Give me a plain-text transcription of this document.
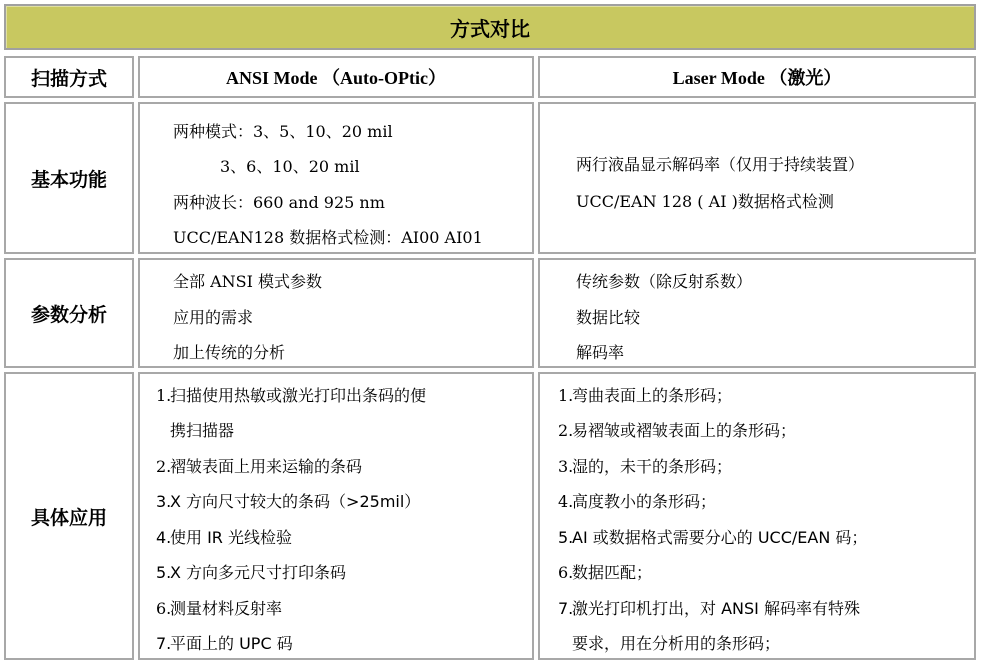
方式对比
扫描方式	ANSI Mode （Auto-OPtic）	Laser Mode （激光）
基本功能
两种模式：3、5、10、20 mil
3、6、10、20 mil
两种波长：660 and 925 nm
UCC/EAN128 数据格式检测：AI00 AI01
两行液晶显示解码率（仅用于持续装置）
UCC/EAN 128 ( AI )数据格式检测
参数分析
全部 ANSI 模式参数
应用的需求
加上传统的分析
传统参数（除反射系数）
数据比较
解码率
具体应用
1.扫描使用热敏或激光打印出条码的便
携扫描器
2.褶皱表面上用来运输的条码
3.X 方向尺寸较大的条码（>25mil）
4.使用 IR 光线检验
5.X 方向多元尺寸打印条码
6.测量材料反射率
7.平面上的 UPC 码
1.弯曲表面上的条形码；
2.易褶皱或褶皱表面上的条形码；
3.湿的，未干的条形码；
4.高度教小的条形码；
5.AI 或数据格式需要分心的 UCC/EAN 码；
6.数据匹配；
7.激光打印机打出，对 ANSI 解码率有特殊
要求，用在分析用的条形码；
